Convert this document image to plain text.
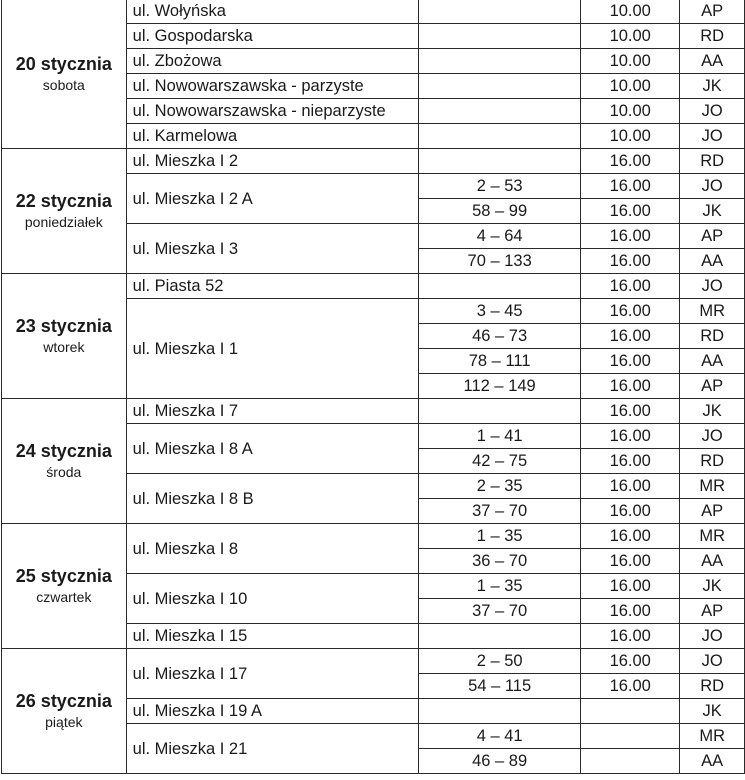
20 stycznia
sobota	ul. Wołyńska		10.00	AP
	ul. Gospodarska		10.00	RD
	ul. Zbożowa		10.00	AA
	ul. Nowowarszawska - parzyste		10.00	JK
	ul. Nowowarszawska - nieparzyste		10.00	JO
	ul. Karmelowa		10.00	JO

22 stycznia
poniedziałek	ul. Mieszka I 2		16.00	RD
	ul. Mieszka I 2 A	2 – 53	16.00	JO
		58 – 99	16.00	JK
	ul. Mieszka I 3	4 – 64	16.00	AP
		70 – 133	16.00	AA

23 stycznia
wtorek	ul. Piasta 52		16.00	JO
	ul. Mieszka I 1	3 – 45	16.00	MR
		46 – 73	16.00	RD
		78 – 111	16.00	AA
		112 – 149	16.00	AP

24 stycznia
środa	ul. Mieszka I 7		16.00	JK
	ul. Mieszka I 8 A	1 – 41	16.00	JO
		42 – 75	16.00	RD
	ul. Mieszka I 8 B	2 – 35	16.00	MR
		37 – 70	16.00	AP

25 stycznia
czwartek	ul. Mieszka I 8	1 – 35	16.00	MR
		36 – 70	16.00	AA
	ul. Mieszka I 10	1 – 35	16.00	JK
		37 – 70	16.00	AP
	ul. Mieszka I 15		16.00	JO

26 stycznia
piątek	ul. Mieszka I 17	2 – 50	16.00	JO
		54 – 115	16.00	RD
	ul. Mieszka I 19 A			JK
	ul. Mieszka I 21	4 – 41		MR
		46 – 89		AA
